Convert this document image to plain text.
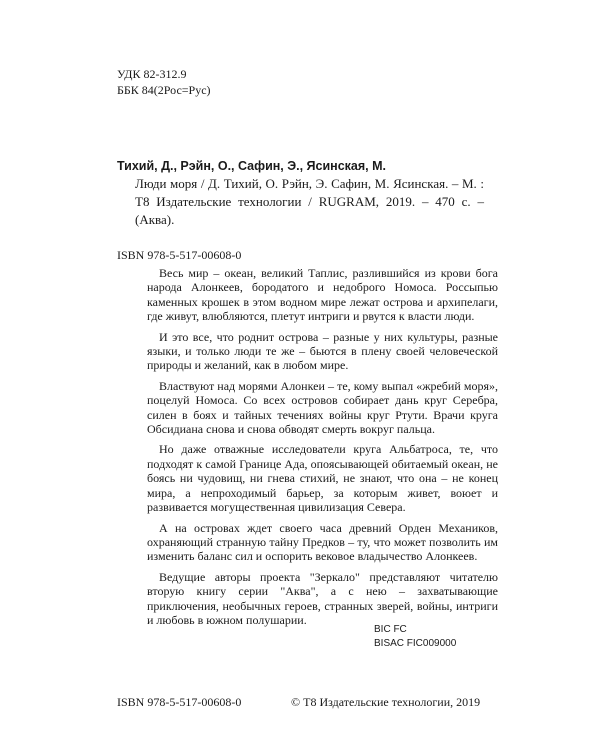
УДК 82-312.9
ББК 84(2Рос=Рус)
Тихий, Д., Рэйн, О., Сафин, Э., Ясинская, М.
Люди моря / Д. Тихий, О. Рэйн, Э. Сафин, М. Ясинская. – М. : Т8 Издательские технологии / RUGRAM, 2019. – 470 с. – (Аква).
ISBN 978-5-517-00608-0

Весь мир – океан, великий Таплис, разлившийся из крови бога народа Алонкеев, бородатого и недоброго Номоса. Россыпью каменных крошек в этом водном мире лежат острова и архипелаги, где живут, влюбляются, плетут интриги и рвутся к власти люди.

И это все, что роднит острова – разные у них культуры, разные языки, и только люди те же – бьются в плену своей человеческой природы и желаний, как в любом мире.

Властвуют над морями Алонкеи – те, кому выпал «жребий моря», поцелуй Номоса. Со всех островов собирает дань круг Серебра, силен в боях и тайных течениях войны круг Ртути. Врачи круга Обсидиана снова и снова обводят смерть вокруг пальца.

Но даже отважные исследователи круга Альбатроса, те, что подходят к самой Границе Ада, опоясывающей обитаемый океан, не боясь ни чудовищ, ни гнева стихий, не знают, что она – не конец мира, а непроходимый барьер, за которым живет, воюет и развивается могущественная цивилизация Севера.

А на островах ждет своего часа древний Орден Механиков, охраняющий странную тайну Предков – ту, что может позволить им изменить баланс сил и оспорить вековое владычество Алонкеев.

Ведущие авторы проекта "Зеркало" представляют читателю вторую книгу серии "Аква", а с нею – захватывающие приключения, необычных героев, странных зверей, войны, интриги и любовь в южном полушарии.

BIC FC
BISAC FIC009000
ISBN 978-5-517-00608-0	© Т8 Издательские технологии, 2019
